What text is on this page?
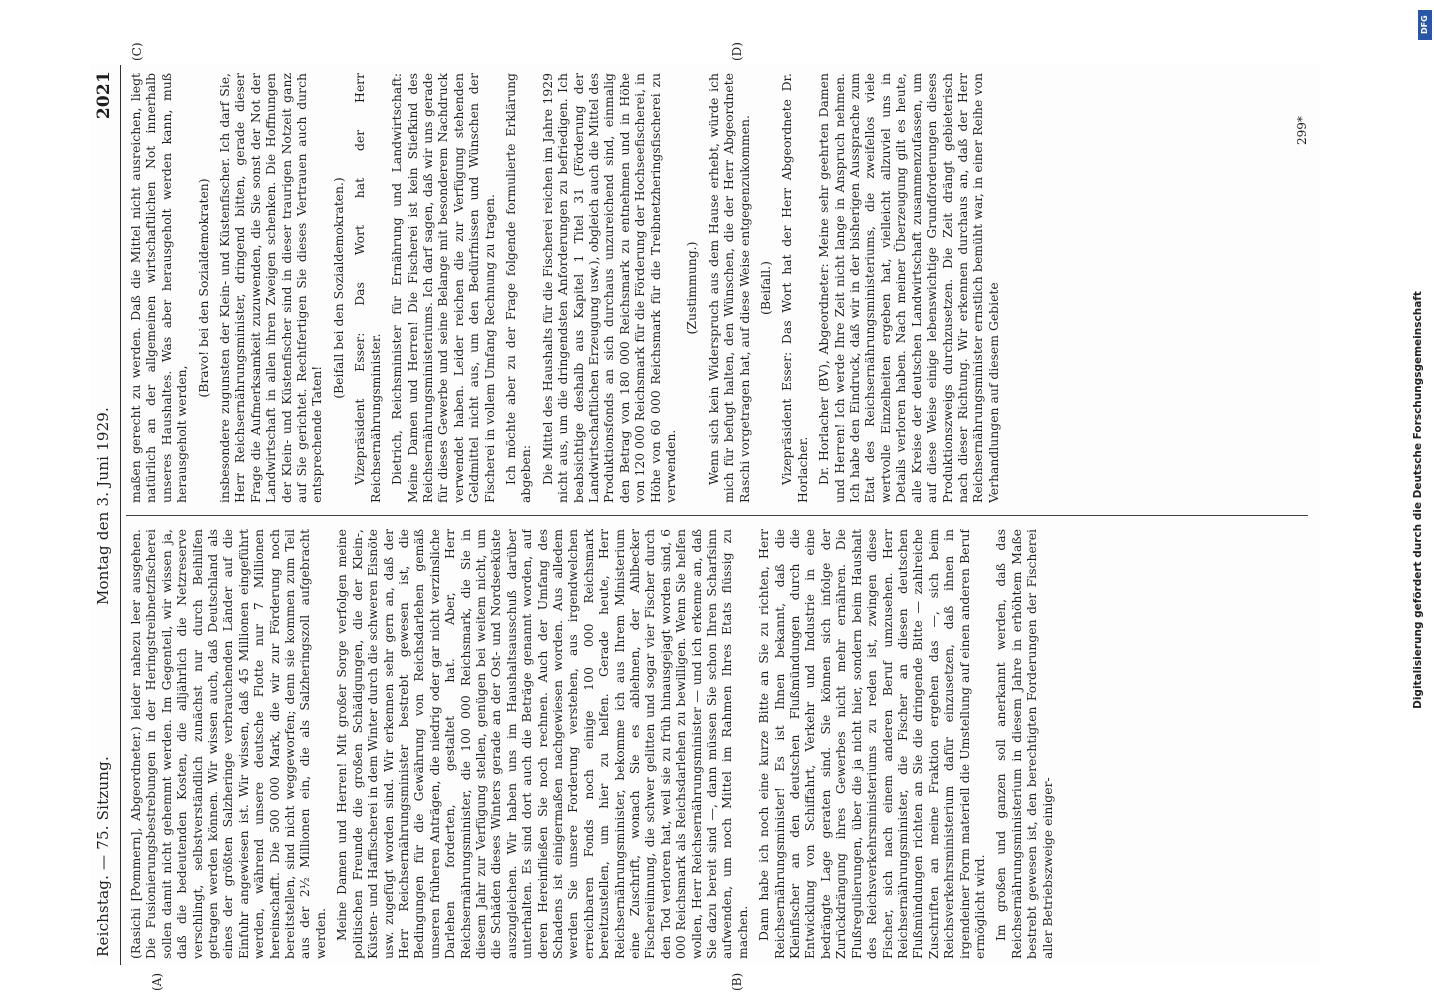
Reichstag. — 75. Sitzung.
Montag den 3. Juni 1929.
2021

(Rasichi [Pommern], Abgeordneter.) leider nahezu leer ausgehen. Die Fusionierungsbestrebungen in der Heringstreibnetzfischerei sollen damit nicht gehemmt werden. Im Gegenteil, wir wissen ja, daß die bedeutenden Kosten, die alljährlich die Netzreserve verschlingt, selbstverständlich zunächst nur durch Beihilfen getragen werden können. Wir wissen auch, daß Deutschland als eines der größten Salzheringe verbrauchenden Länder auf die Einfuhr angewiesen ist. Wir wissen, daß 45 Millionen eingeführt werden, während unsere deutsche Flotte nur 7 Millionen hereinschafft. Die 500 000 Mark, die wir zur Förderung noch bereitstellen, sind nicht weggeworfen; denn sie kommen zum Teil aus der 2½ Millionen ein, die als Salzheringszoll aufgebracht werden. Meine Damen und Herren! Mit großer Sorge verfolgen meine politischen Freunde die großen Schädigungen, die der Klein-, Küsten- und Haffischerei in dem Winter durch die schweren Eisnöte usw. zugefügt worden sind. Wir erkennen sehr gern an, daß der Herr Reichsernährungsminister bestrebt gewesen ist, die Bedingungen für die Gewährung von Reichsdarlehen gemäß unseren früheren Anträgen, die niedrig oder gar nicht verzinsliche Darlehen forderten, gestaltet hat. Aber, Herr Reichsernährungsminister, die 100 000 Reichsmark, die Sie in diesem Jahr zur Verfügung stellen, genügen bei weitem nicht, um die Schäden dieses Winters gerade an der Ost- und Nordseeküste auszugleichen. Wir haben uns im Haushaltsausschuß darüber unterhalten. Es sind dort auch die Beträge genannt worden, auf deren Hereinfließen Sie noch rechnen. Auch der Umfang des Schadens ist einigermaßen nachgewiesen worden. Aus alledem werden Sie unsere Forderung verstehen, aus irgendwelchen erreichbaren Fonds noch einige 100 000 Reichsmark bereitzustellen, um hier zu helfen. Gerade heute, Herr Reichsernährungsminister, bekomme ich aus Ihrem Ministerium eine Zuschrift, wonach Sie es ablehnen, der Ahlbecker Fischereiinnung, die schwer gelitten und sogar vier Fischer durch den Tod verloren hat, weil sie zu früh hinausgejagt worden sind, 6 000 Reichsmark als Reichsdarlehen zu bewilligen. Wenn Sie helfen wollen, Herr Reichsernährungsminister — und ich erkenne an, daß Sie dazu bereit sind —, dann müssen Sie schon Ihren Scharfsinn aufwenden, um noch Mittel im Rahmen Ihres Etats flüssig zu machen. Dann habe ich noch eine kurze Bitte an Sie zu richten, Herr Reichsernährungsminister! Es ist Ihnen bekannt, daß die Kleinfischer an den deutschen Flußmündungen durch die Entwicklung von Schiffahrt, Verkehr und Industrie in eine bedrängte Lage geraten sind. Sie können sich infolge der Zurückdrängung ihres Gewerbes nicht mehr ernähren. Die Flußregulierungen, über die ja nicht hier, sondern beim Haushalt des Reichsverkehrsministeriums zu reden ist, zwingen diese Fischer, sich nach einem anderen Beruf umzusehen. Herr Reichsernährungsminister, die Fischer an diesen deutschen Flußmündungen richten an Sie die dringende Bitte — zahlreiche Zuschriften an meine Fraktion ergehen das —, sich beim Reichsverkehrsministerium dafür einzusetzen, daß ihnen in irgendeiner Form materiell die Umstellung auf einen anderen Beruf ermöglicht wird. Im großen und ganzen soll anerkannt werden, daß das Reichsernährungsministerium in diesem Jahre in erhöhtem Maße bestrebt gewesen ist, den berechtigten Forderungen der Fischerei aller Betriebszweige einiger-

maßen gerecht zu werden. Daß die Mittel nicht ausreichen, liegt natürlich an der allgemeinen wirtschaftlichen Not innerhalb unseres Haushaltes. Was aber herausgeholt werden kann, muß herausgeholt werden,

(Bravo! bei den Sozialdemokraten) insbesondere zugunsten der Klein- und Küstenfischer. Ich darf Sie, Herr Reichsernährungsminister, dringend bitten, gerade dieser Frage die Aufmerksamkeit zuzuwenden, die Sie sonst der Not der Landwirtschaft in allen ihren Zweigen schenken. Die Hoffnungen der Klein- und Küstenfischer sind in dieser traurigen Notzeit ganz auf Sie gerichtet. Rechtfertigen Sie dieses Vertrauen auch durch entsprechende Taten!

(Beifall bei den Sozialdemokraten.) Vizepräsident Esser: Das Wort hat der Herr Reichsernährungsminister. Dietrich, Reichsminister für Ernährung und Landwirtschaft: Meine Damen und Herren! Die Fischerei ist kein Stiefkind des Reichsernährungsministeriums. Ich darf sagen, daß wir uns gerade für dieses Gewerbe und seine Belange mit besonderem Nachdruck verwendet haben. Leider reichen die zur Verfügung stehenden Geldmittel nicht aus, um den Bedürfnissen und Wünschen der Fischerei in vollem Umfang Rechnung zu tragen. Ich möchte aber zu der Frage folgende formulierte Erklärung abgeben: Die Mittel des Haushalts für die Fischerei reichen im Jahre 1929 nicht aus, um die dringendsten Anforderungen zu befriedigen. Ich beabsichtige deshalb aus Kapitel 1 Titel 31 (Förderung der Landwirtschaftlichen Erzeugung usw.), obgleich auch die Mittel des Produktionsfonds an sich durchaus unzureichend sind, einmalig den Betrag von 180 000 Reichsmark zu entnehmen und in Höhe von 120 000 Reichsmark für die Förderung der Hochseefischerei, in Höhe von 60 000 Reichsmark für die Treibnetzheringsfischerei zu verwenden.

(Zustimmung.) Wenn sich kein Widerspruch aus dem Hause erhebt, würde ich mich für befugt halten, den Wünschen, die der Herr Abgeordnete Raschi vorgetragen hat, auf diese Weise entgegenzukommen. (Beifall.) Vizepräsident Esser: Das Wort hat der Herr Abgeordnete Dr. Horlacher. Dr. Horlacher (BV), Abgeordneter: Meine sehr geehrten Damen und Herren! Ich werde Ihre Zeit nicht lange in Anspruch nehmen. Ich habe den Eindruck, daß wir in der bisherigen Aussprache zum Etat des Reichsernährungsministeriums, die zweifellos viele wertvolle Einzelheiten ergeben hat, vielleicht allzuviel uns in Details verloren haben. Nach meiner Überzeugung gilt es heute, alle Kreise der deutschen Landwirtschaft zusammenzufassen, um auf diese Weise einige lebenswichtige Grundforderungen dieses Produktionszweigs durchzusetzen. Die Zeit drängt gebieterisch nach dieser Richtung. Wir erkennen durchaus an, daß der Herr Reichsernährungsminister ernstlich bemüht war, in einer Reihe von Verhandlungen auf diesem Gebiete

(A)	(B)
(C)	(D)
299*
DFG
Digitalisierung gefördert durch die Deutsche Forschungsgemeinschaft
